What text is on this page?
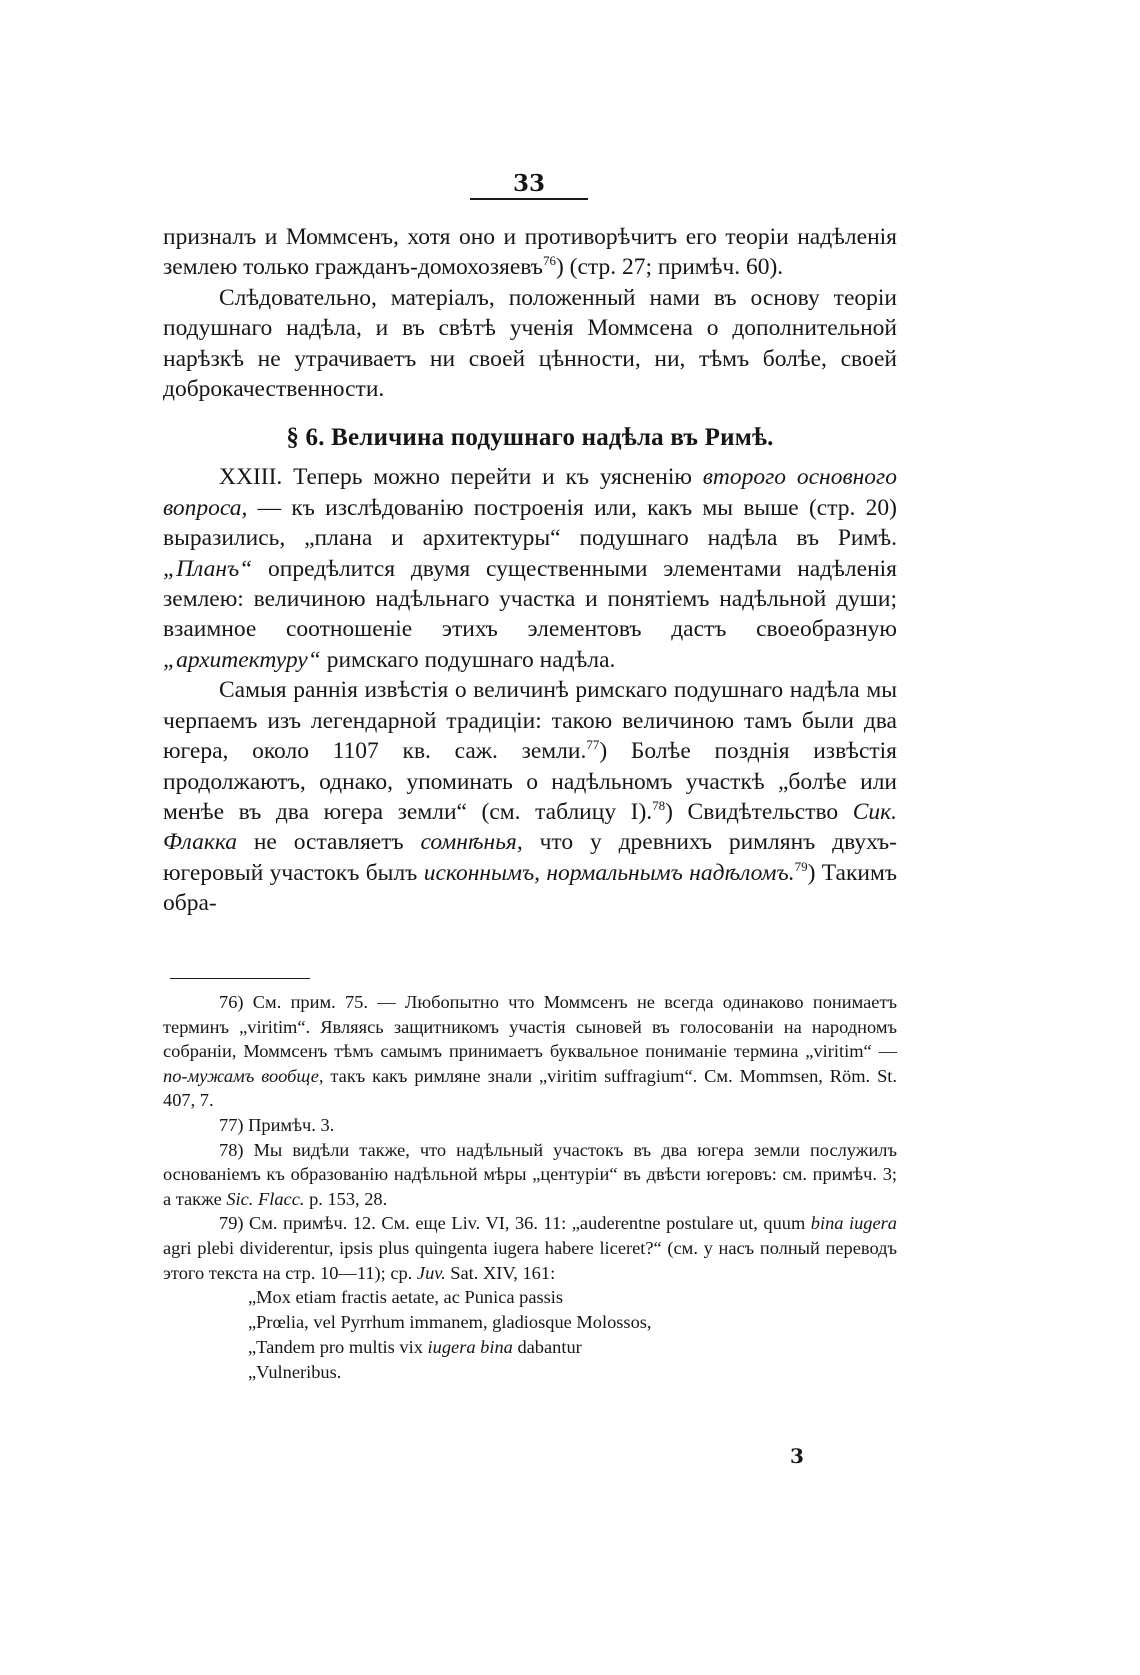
33

призналъ и Моммсенъ, хотя оно и противорѣчитъ его теоріи надѣленія землею только гражданъ-домохозяевъ$^{76}$) (стр. 27; примѣч. 60).

Слѣдовательно, матеріалъ, положенный нами въ основу теоріи подушнаго надѣла, и въ свѣтѣ ученія Моммсена о дополнительной нарѣзкѣ не утрачиваетъ ни своей цѣнности, ни, тѣмъ болѣе, своей доброкачественности.

§ 6. Величина подушнаго надѣла въ Римѣ.

XXIII. Теперь можно перейти и къ уясненію второго основного вопроса, — къ изслѣдованію построенія или, какъ мы выше (стр. 20) выразились, „плана и архитектуры“ подушнаго надѣла въ Римѣ. „Планъ“ опредѣлится двумя существенными элементами надѣленія землею: величиною надѣльнаго участка и понятіемъ надѣльной души; взаимное соотношеніе этихъ элементовъ дастъ своеобразную „архитектуру“ римскаго подушнаго надѣла.

Самыя раннія извѣстія о величинѣ римскаго подушнаго надѣла мы черпаемъ изъ легендарной традиціи: такою величиною тамъ были два югера, около 1107 кв. саж. земли.$^{77}$) Болѣе позднія извѣстія продолжаютъ, однако, упоминать о надѣльномъ участкѣ „болѣе или менѣе въ два югера земли“ (см. таблицу I).$^{78}$) Свидѣтельство Сик. Флакка не оставляетъ сомнѣнья, что у древнихъ римлянъ двухъ-югеровый участокъ былъ исконнымъ, нормальнымъ надѣломъ.$^{79}$) Такимъ обра-

76) См. прим. 75. — Любопытно что Моммсенъ не всегда одинаково понимаетъ терминъ „viritim“. Являясь защитникомъ участія сыновей въ голосованіи на народномъ собраніи, Моммсенъ тѣмъ самымъ принимаетъ буквальное пониманіе термина „viritim“ — по-мужамъ вообще, такъ какъ римляне знали „viritim suffragium“. См. Mommsen, Röm. St. 407, 7.

77) Примѣч. 3.

78) Мы видѣли также, что надѣльный участокъ въ два югера земли послужилъ основаніемъ къ образованію надѣльной мѣры „центуріи“ въ двѣсти югеровъ: см. примѣч. 3; а также Sic. Flacc. p. 153, 28.

79) См. примѣч. 12. См. еще Liv. VI, 36. 11: „auderentne postulare ut, quum bina iugera agri plebi dividerentur, ipsis plus quingenta iugera habere liceret?“ (см. у насъ полный переводъ этого текста на стр. 10—11); ср. Juv. Sat. XIV, 161:

„Mox etiam fractis aetate, ac Punica passis
„Prœlia, vel Pyrrhum immanem, gladiosque Molossos,
„Tandem pro multis vix iugera bina dabantur
„Vulneribus.
3
